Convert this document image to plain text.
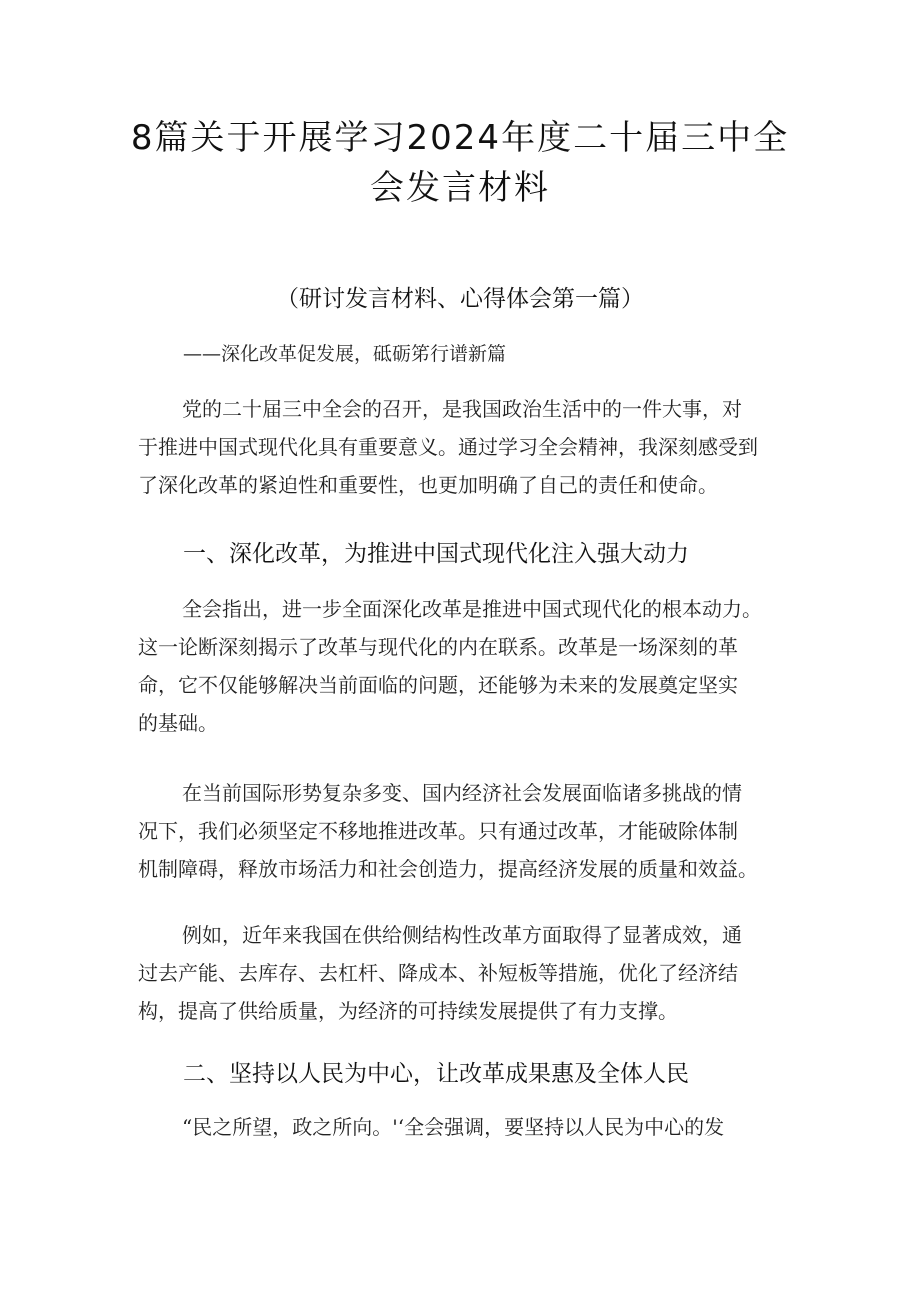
8篇关于开展学习2024年度二十届三中全
会发言材料

（研讨发言材料、心得体会第一篇）

——深化改革促发展，砥砺笫行谱新篇

党的二十届三中全会的召开，是我国政治生活中的一件大事，对
于推进中国式现代化具有重要意义。通过学习全会精神，我深刻感受到
了深化改革的紧迫性和重要性，也更加明确了自己的责任和使命。
一、深化改革，为推进中国式现代化注入强大动力
全会指出，进一步全面深化改革是推进中国式现代化的根本动力。
这一论断深刻揭示了改革与现代化的内在联系。改革是一场深刻的革
命，它不仅能够解决当前面临的问题，还能够为未来的发展奠定坚实
的基础。
在当前国际形势复杂多变、国内经济社会发展面临诸多挑战的情
况下，我们必须坚定不移地推进改革。只有通过改革，才能破除体制
机制障碍，释放市场活力和社会创造力，提高经济发展的质量和效益。
例如，近年来我国在供给侧结构性改革方面取得了显著成效，通
过去产能、去库存、去杠杆、降成本、补短板等措施，优化了经济结
构，提高了供给质量，为经济的可持续发展提供了有力支撑。
二、坚持以人民为中心，让改革成果惠及全体人民
“民之所望，政之所向。'‘全会强调，要坚持以人民为中心的发
